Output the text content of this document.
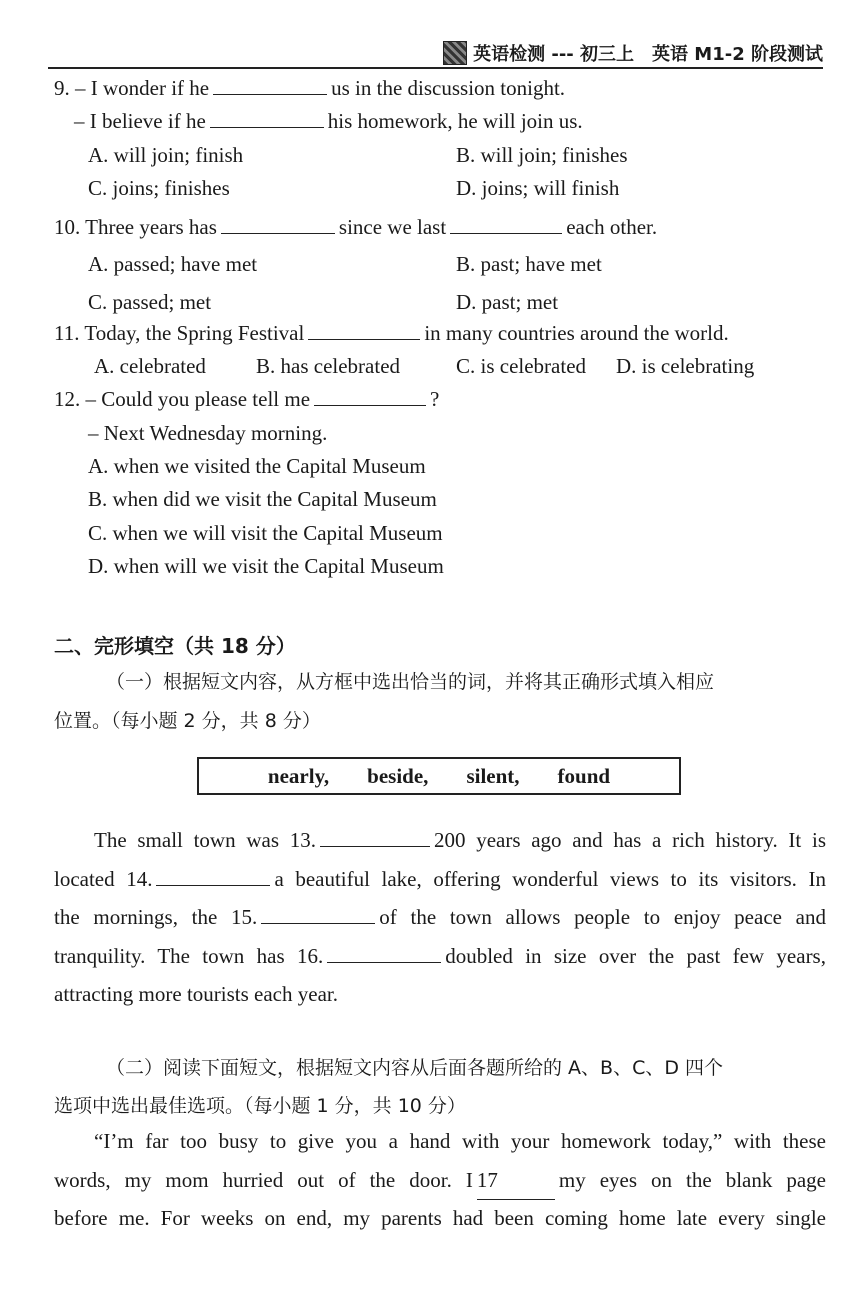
英语检测 --- 初三上　英语 M1-2 阶段测试
9. – I wonder if he	us in the discussion tonight.
– I believe if he	his homework, he will join us.
A. will join; finish	B. will join; finishes
C. joins; finishes	D. joins; will finish
10. Three years has	since we last	each other.
A. passed; have met	B. past; have met
C. passed; met	D. past; met
11. Today, the Spring Festival	in many countries around the world.
A. celebrated B. has celebrated	C. is celebrated D. is celebrating
12. – Could you please tell me	?
– Next Wednesday morning.
A. when we visited the Capital Museum
B. when did we visit the Capital Museum
C. when we will visit the Capital Museum
D. when will we visit the Capital Museum
二、完形填空（共 18 分）
（一）根据短文内容，从方框中选出恰当的词，并将其正确形式填入相应
位置。（每小题 2 分，共 8 分）
nearly, beside, silent, found
The small town was 13.	200 years ago and has a rich history. It is
located 14.	a beautiful lake, offering wonderful views to its visitors. In
the mornings, the 15.	of the town allows people to enjoy peace and
tranquility. The town has 16.	doubled in size over the past few years,
attracting more tourists each year.
（二）阅读下面短文，根据短文内容从后面各题所给的 A、B、C、D 四个
选项中选出最佳选项。（每小题 1 分，共 10 分）
“I’m far too busy to give you a hand with your homework today,” with these
words, my mom hurried out of the door. I 17	my eyes on the blank page
before me. For weeks on end, my parents had been coming home late every single
